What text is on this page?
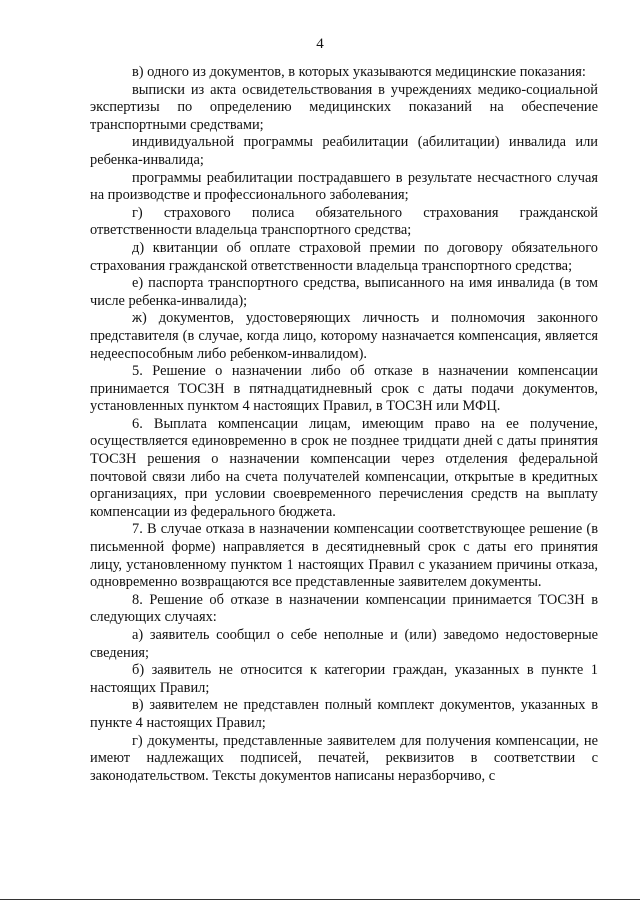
4

в) одного из документов, в которых указываются медицинские показания:

выписки из акта освидетельствования в учреждениях медико-социальной экспертизы по определению медицинских показаний на обеспечение транспортными средствами;

индивидуальной программы реабилитации (абилитации) инвалида или ребенка-инвалида;

программы реабилитации пострадавшего в результате несчастного случая на производстве и профессионального заболевания;

г) страхового полиса обязательного страхования гражданской ответственности владельца транспортного средства;

д) квитанции об оплате страховой премии по договору обязательного страхования гражданской ответственности владельца транспортного средства;

е) паспорта транспортного средства, выписанного на имя инвалида (в том числе ребенка-инвалида);

ж) документов, удостоверяющих личность и полномочия законного представителя (в случае, когда лицо, которому назначается компенсация, является недееспособным либо ребенком-инвалидом).

5. Решение о назначении либо об отказе в назначении компенсации принимается ТОСЗН в пятнадцатидневный срок с даты подачи документов, установленных пунктом 4 настоящих Правил, в ТОСЗН или МФЦ.

6. Выплата компенсации лицам, имеющим право на ее получение, осуществляется единовременно в срок не позднее тридцати дней с даты принятия ТОСЗН решения о назначении компенсации через отделения федеральной почтовой связи либо на счета получателей компенсации, открытые в кредитных организациях, при условии своевременного перечисления средств на выплату компенсации из федерального бюджета.

7. В случае отказа в назначении компенсации соответствующее решение (в письменной форме) направляется в десятидневный срок с даты его принятия лицу, установленному пунктом 1 настоящих Правил с указанием причины отказа, одновременно возвращаются все представленные заявителем документы.

8. Решение об отказе в назначении компенсации принимается ТОСЗН в следующих случаях:

а) заявитель сообщил о себе неполные и (или) заведомо недостоверные сведения;

б) заявитель не относится к категории граждан, указанных в пункте 1 настоящих Правил;

в) заявителем не представлен полный комплект документов, указанных в пункте 4 настоящих Правил;

г) документы, представленные заявителем для получения компенсации, не имеют надлежащих подписей, печатей, реквизитов в соответствии с законодательством. Тексты документов написаны неразборчиво, с
